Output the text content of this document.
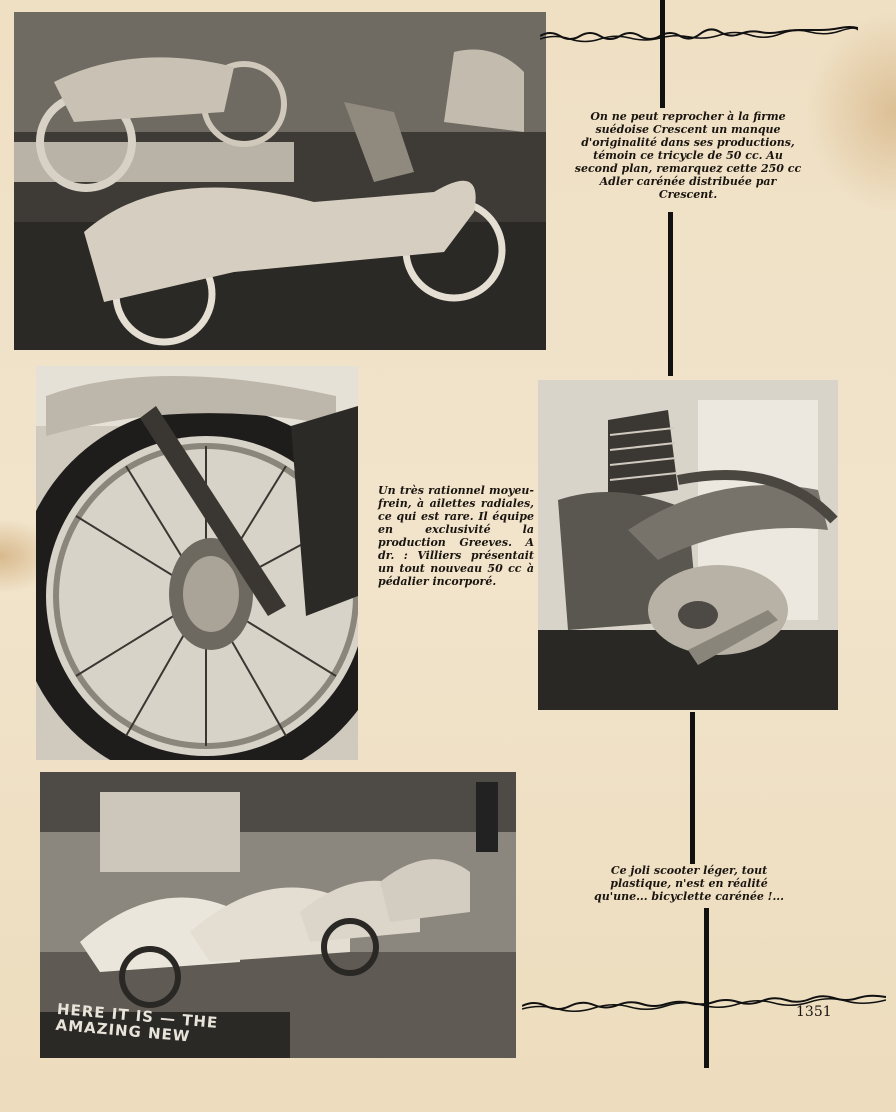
HERE IT IS — THE AMAZING NEW
On ne peut reprocher à la firme suédoise Crescent un manque d'originalité dans ses productions, témoin ce tricycle de 50 cc. Au second plan, remarquez cette 250 cc Adler carénée distribuée par Crescent.
Un très rationnel moyeu-frein, à ailettes radiales, ce qui est rare. Il équipe en exclusivité la production Greeves. A dr. : Villiers présentait un tout nouveau 50 cc à pédalier incorporé.
Ce joli scooter léger, tout plastique, n'est en réalité qu'une... bicyclette carénée !...
1351
